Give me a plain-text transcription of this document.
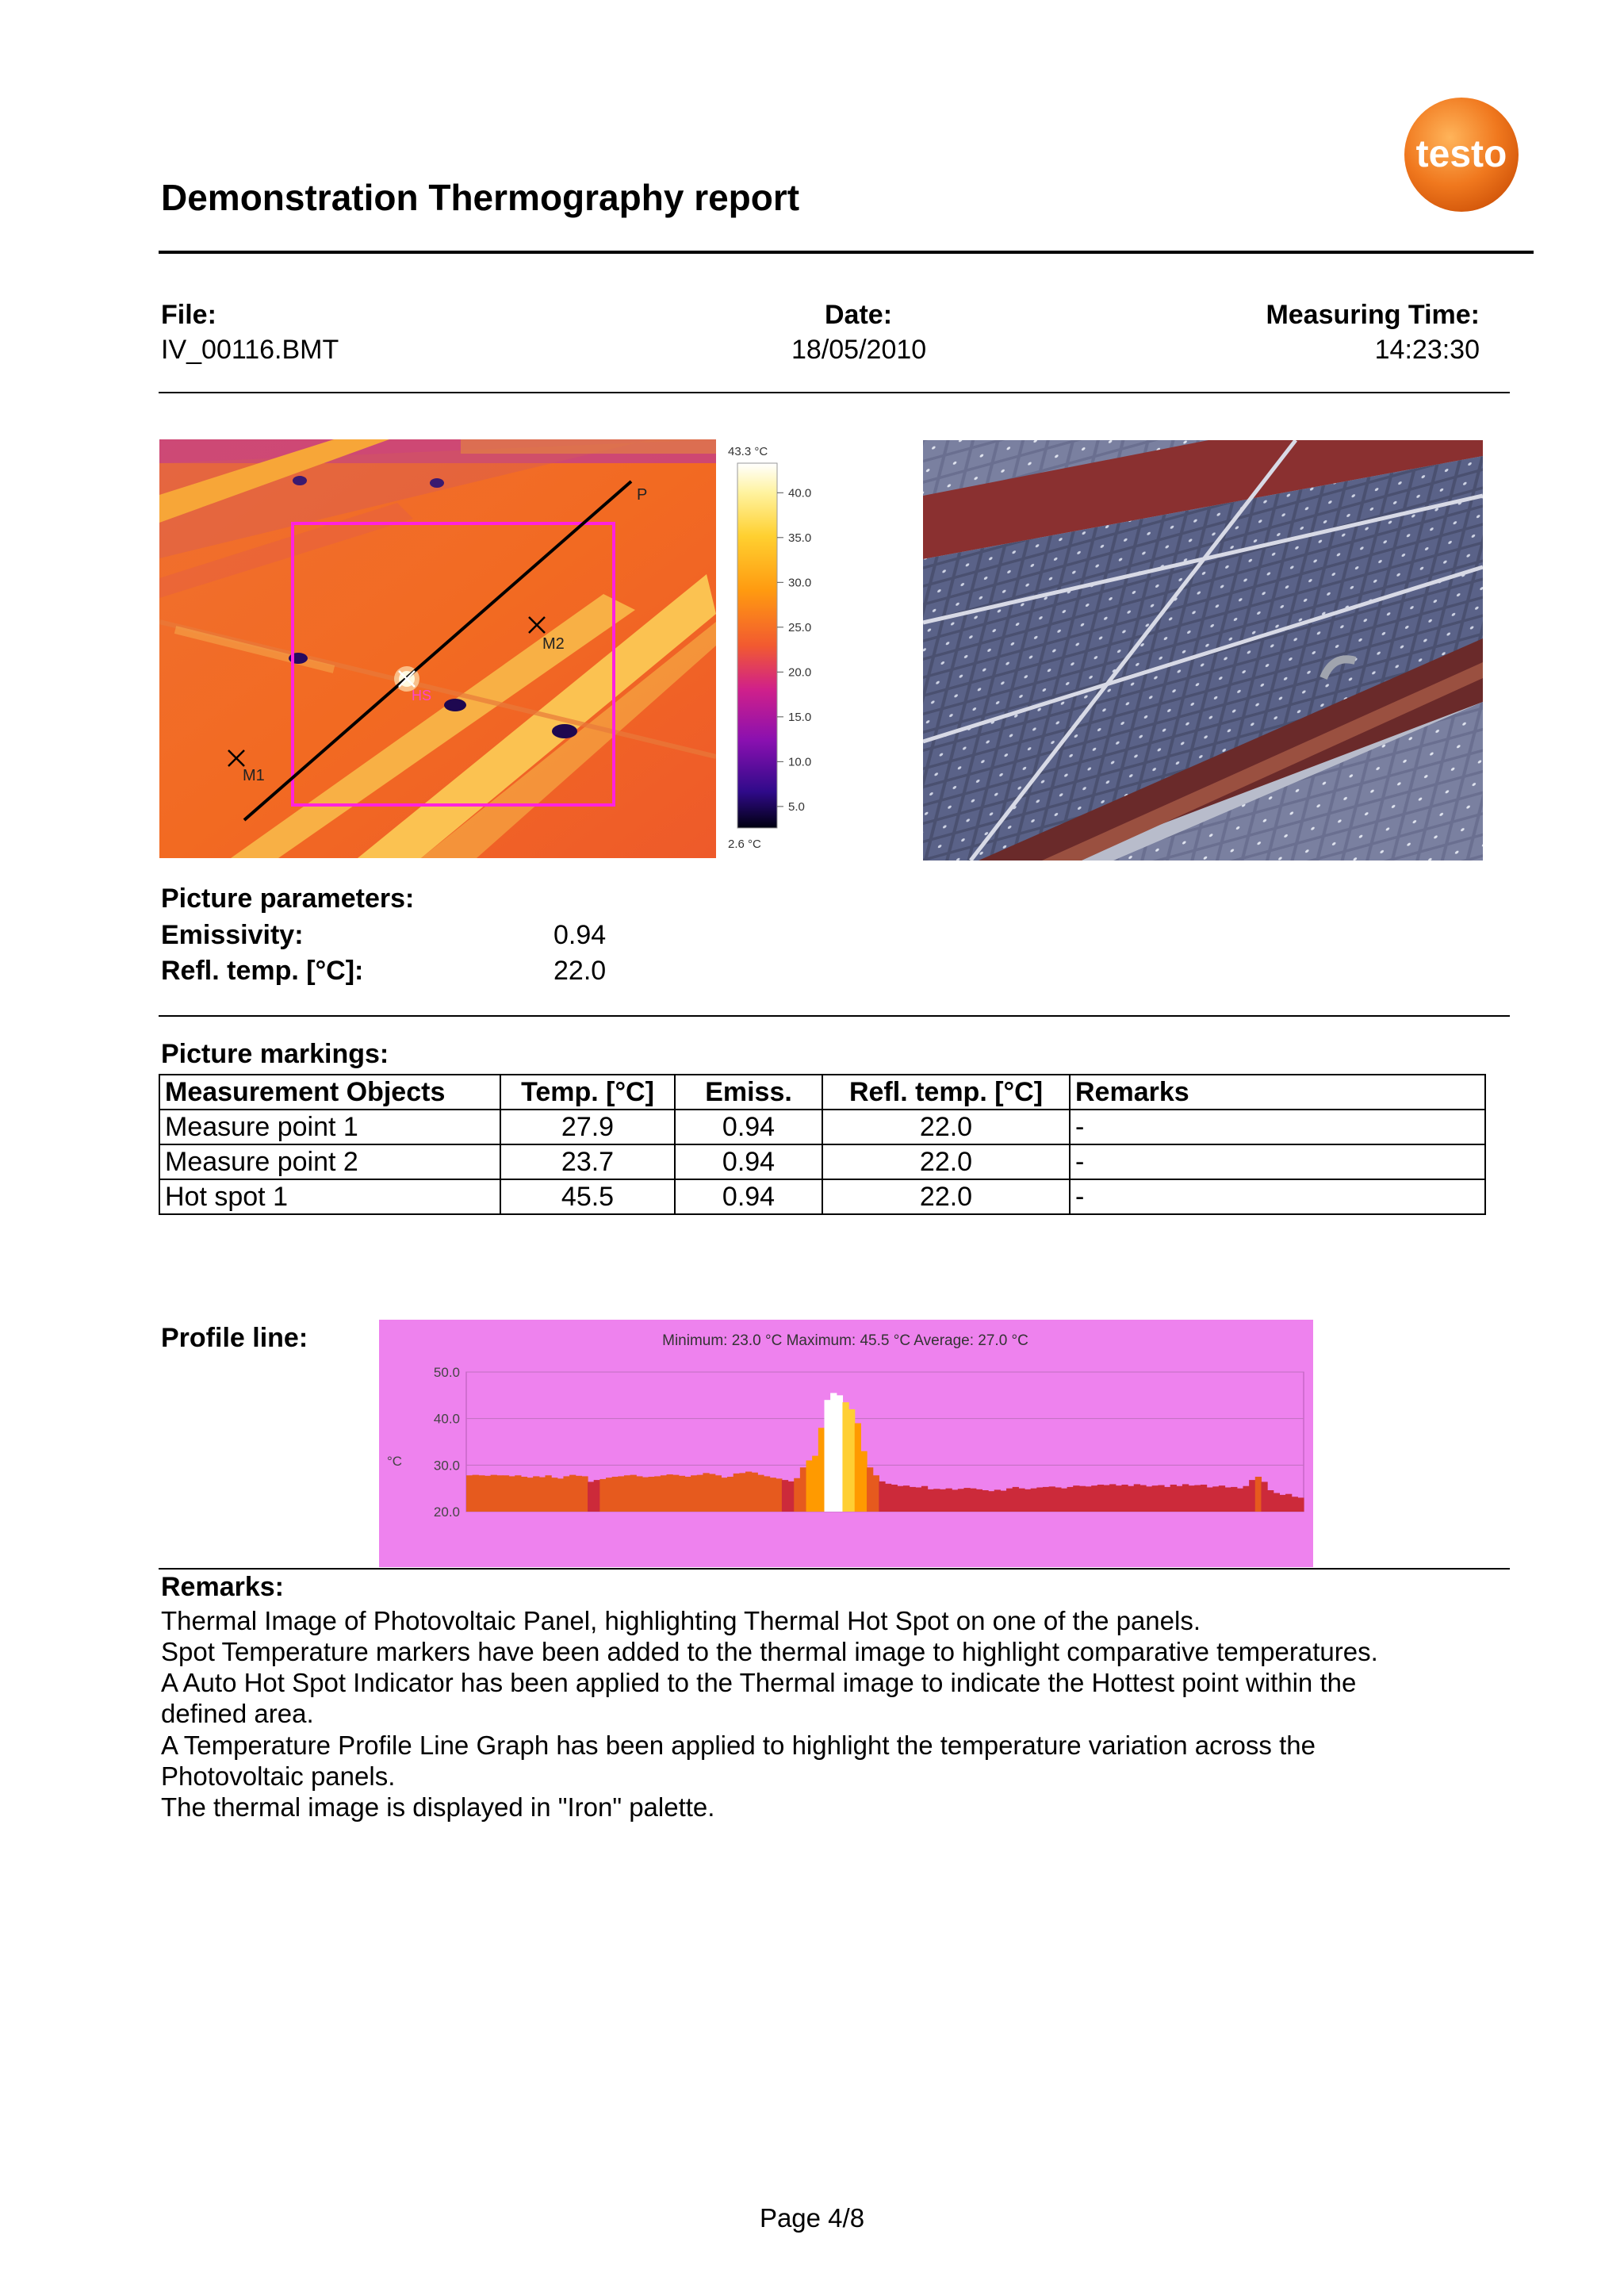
Demonstration Thermography report
testo
File:
IV_00116.BMT
Date:
18/05/2010
Measuring Time:
14:23:30
M1
M2
P
HS
43.3 °C
40.0
35.0
30.0
25.0
20.0
15.0
10.0
5.0
2.6 °C
Picture parameters:
Emissivity:	0.94
Refl. temp. [°C]:	22.0
Picture markings:
Measurement Objects	Temp. [°C]	Emiss.	Refl. temp. [°C]	Remarks
Measure point 1	27.9	0.94	22.0	-
Measure point 2	23.7	0.94	22.0	-
Hot spot 1	45.5	0.94	22.0	-
Profile line:	Minimum: 23.0 °C Maximum: 45.5 °C Average: 27.0 °C
°C
50.0
40.0
30.0
20.0
Remarks:
Thermal Image of Photovoltaic Panel, highlighting Thermal Hot Spot on one of the panels.
Spot Temperature markers have been added to the thermal image to highlight comparative temperatures.
A Auto Hot Spot Indicator has been applied to the Thermal image to indicate the Hottest point within the
defined area.
A Temperature Profile Line Graph has been applied to highlight the temperature variation across the
Photovoltaic panels.
The thermal image is displayed in "Iron" palette.
Page 4/8
